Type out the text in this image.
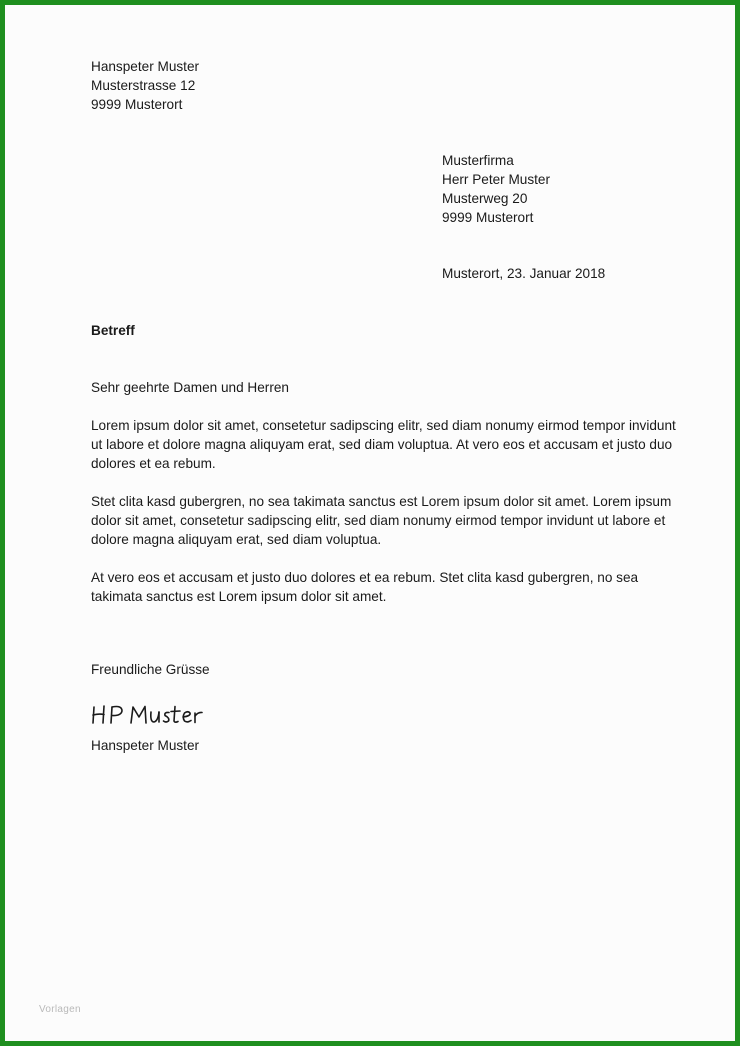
Hanspeter Muster
Musterstrasse 12
9999 Musterort
Musterfirma
Herr Peter Muster
Musterweg 20
9999 Musterort
Musterort, 23. Januar 2018
Betreff
Sehr geehrte Damen und Herren
Lorem ipsum dolor sit amet, consetetur sadipscing elitr, sed diam nonumy eirmod tempor invidunt ut labore et dolore magna aliquyam erat, sed diam voluptua. At vero eos et accusam et justo duo dolores et ea rebum.
Stet clita kasd gubergren, no sea takimata sanctus est Lorem ipsum dolor sit amet. Lorem ipsum dolor sit amet, consetetur sadipscing elitr, sed diam nonumy eirmod tempor invidunt ut labore et dolore magna aliquyam erat, sed diam voluptua.
At vero eos et accusam et justo duo dolores et ea rebum. Stet clita kasd gubergren, no sea takimata sanctus est Lorem ipsum dolor sit amet.
Freundliche Grüsse
Hanspeter Muster
Vorlagen
